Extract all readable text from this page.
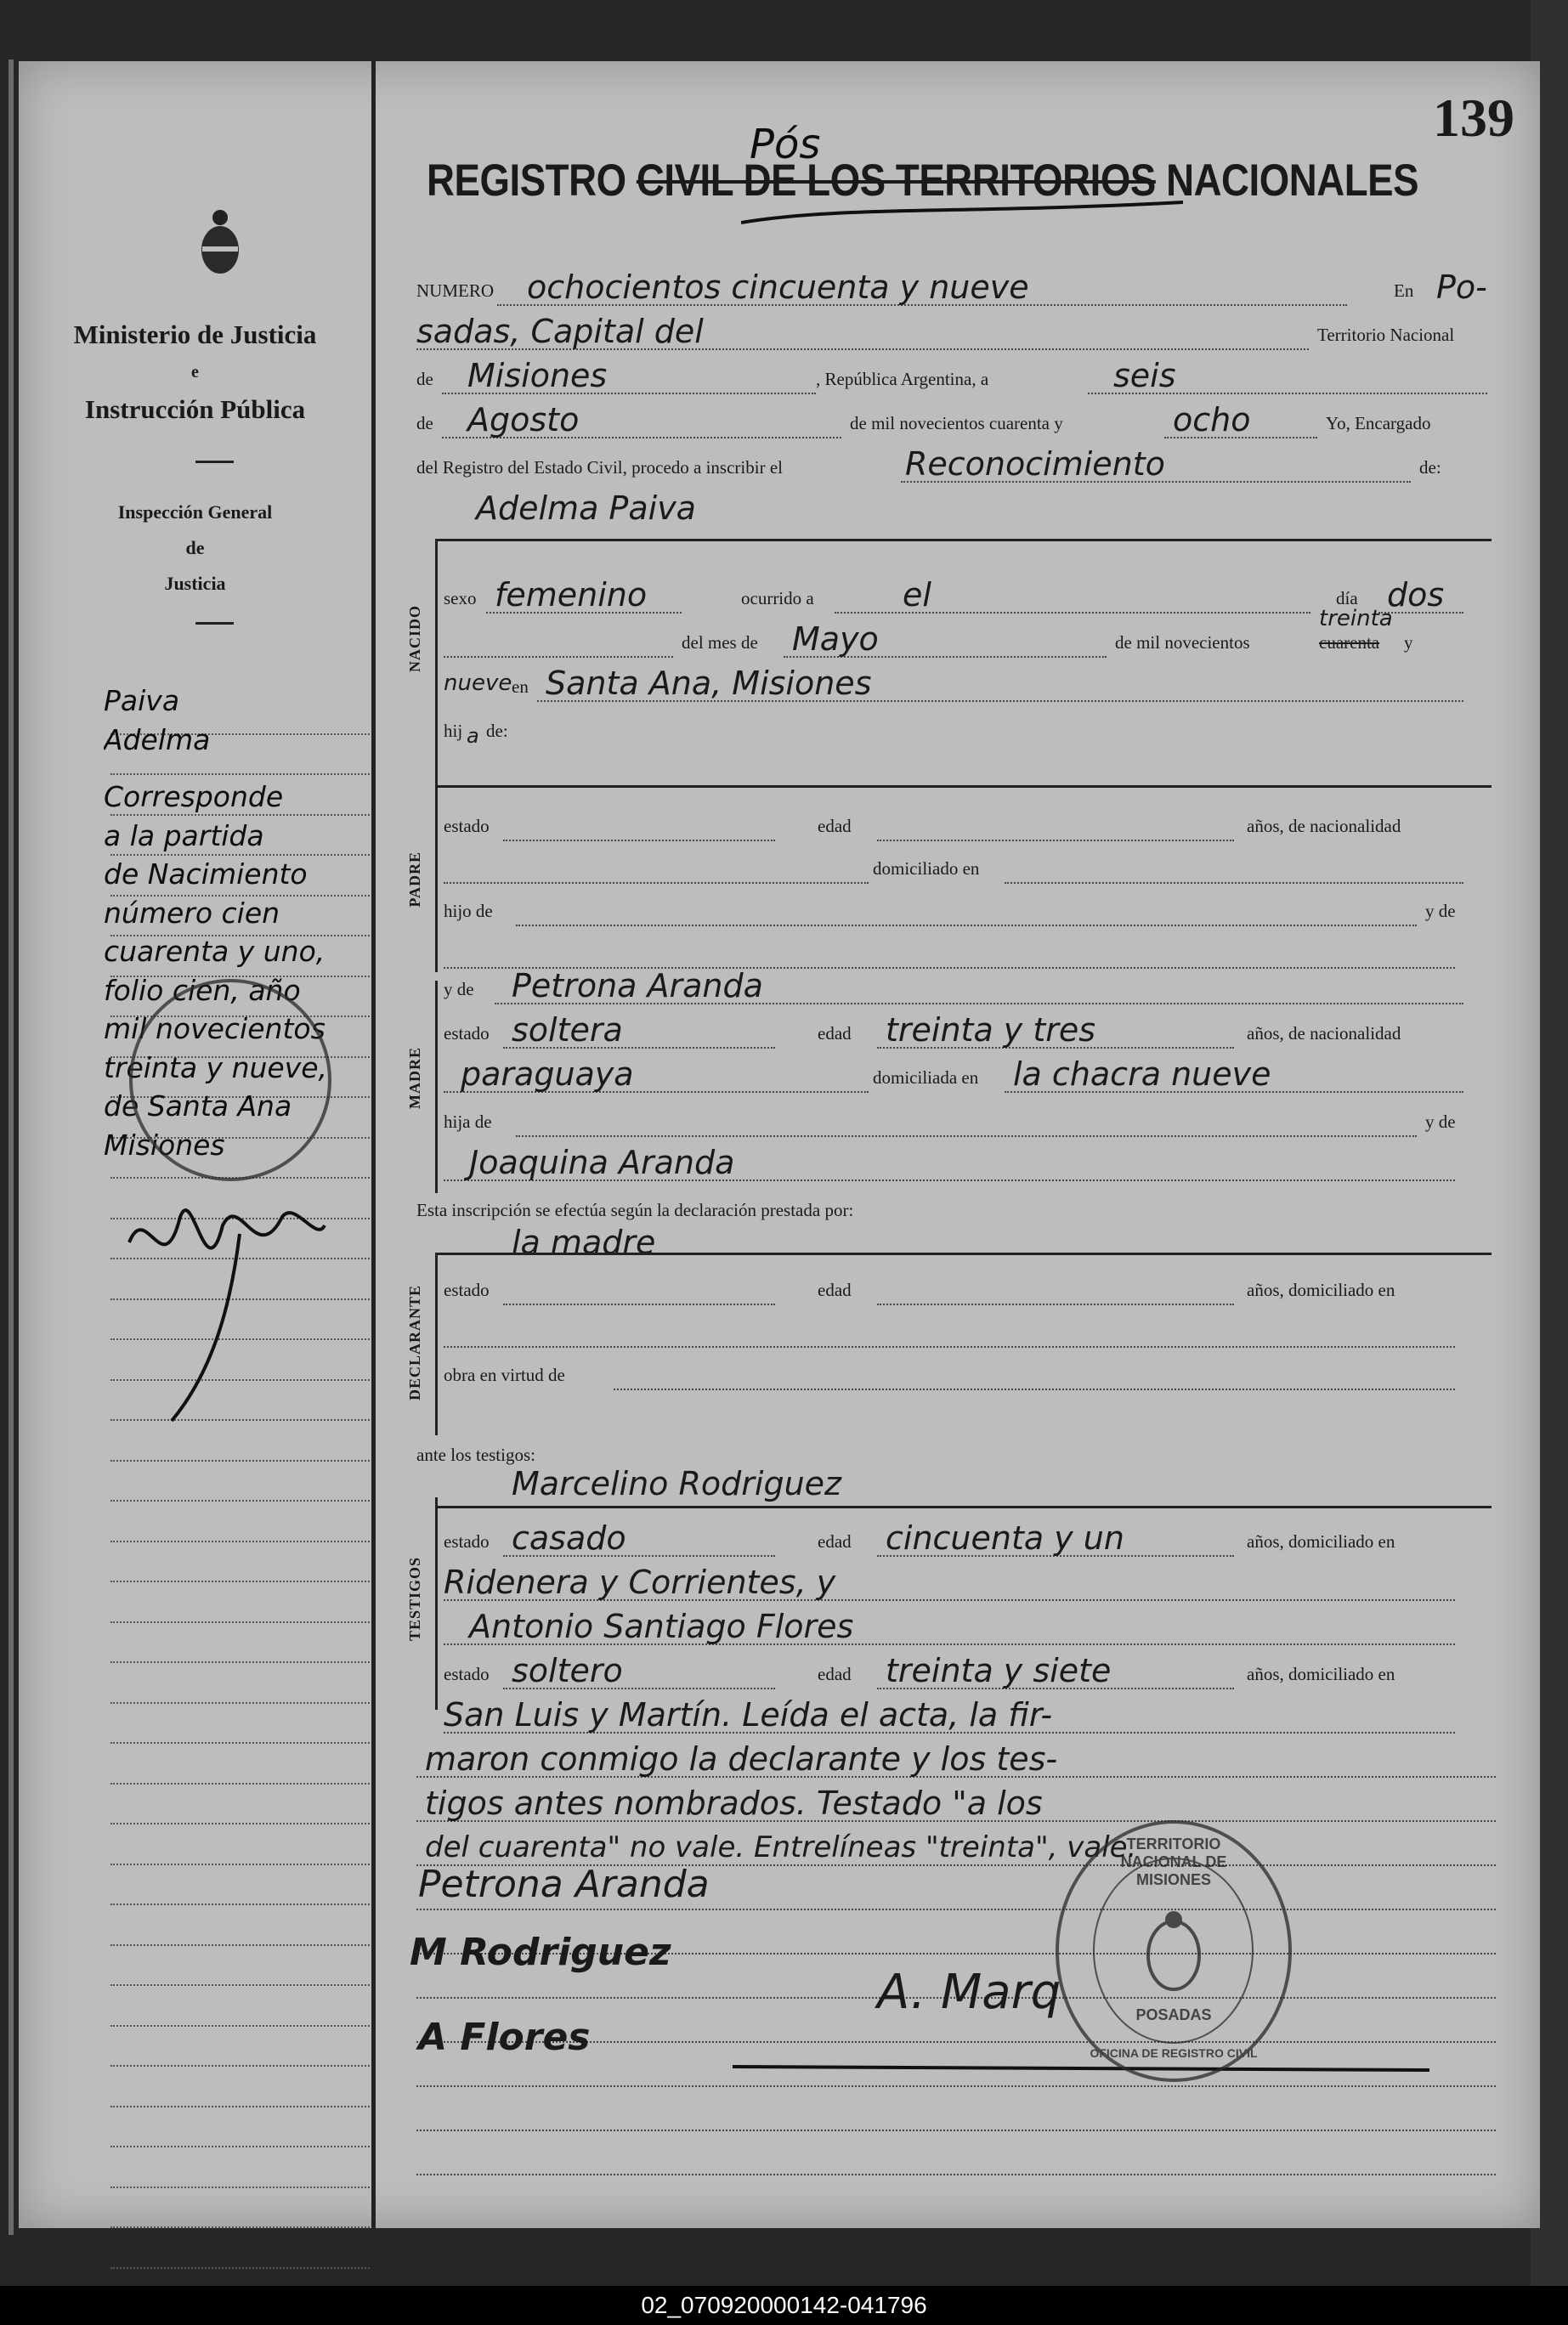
Ministerio de Justicia
e
Instrucción Pública
Inspección General
de
Justicia
Paiva
Adelma
Corresponde
a la partida
de Nacimiento
número cien
cuarenta y uno,
folio cien, año
mil novecientos
treinta y nueve,
de Santa Ana
Misiones
139
REGISTRO CIVIL DE LOS TERRITORIOS NACIONALES
Pós
NUMERO ochocientos cincuenta y nueve	En Po-
sadas, Capital del	Territorio Nacional
de Misiones	, República Argentina, a	seis
de Agosto	de mil novecientos cuarenta y	ocho	Yo, Encargado
del Registro del Estado Civil, procedo a inscribir el	Reconocimiento	de:
Adelma Paiva
NACIDO
sexo femenino	ocurrido a	el	día dos
del mes de Mayo	de mil novecientos	cuarenta
treinta
y
nueve en Santa Ana, Misiones
hij a de:
PADRE
estado	edad	años, de nacionalidad
domiciliado en
hijo de	y de
MADRE
y de Petrona Aranda
estado soltera	edad treinta y tres	años, de nacionalidad
paraguaya	domiciliada en la chacra nueve
hija de	y de
Joaquina Aranda
Esta inscripción se efectúa según la declaración prestada por:
la madre
DECLARANTE estado	edad	años, domiciliado en
obra en virtud de
ante los testigos:
Marcelino Rodriguez
TESTIGOS
estado casado	edad cincuenta y un	años, domiciliado en
Ridenera y Corrientes, y
Antonio Santiago Flores
estado soltero	edad treinta y siete	años, domiciliado en
San Luis y Martín. Leída el acta, la fir-
maron conmigo la declarante y los tes-
tigos antes nombrados. Testado "a los
del cuarenta" no vale. Entrelíneas "treinta", vale.
Petrona Aranda
M Rodriguez
A Flores
A. Marq
TERRITORIO NACIONAL DE MISIONES
POSADAS
OFICINA DE REGISTRO CIVIL
02_070920000142-041796
